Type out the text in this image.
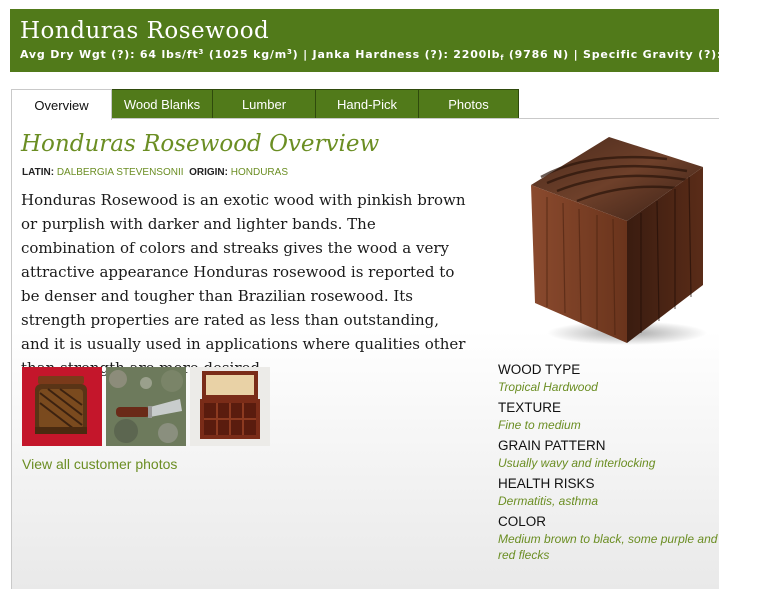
Honduras Rosewood
Avg Dry Wgt (?): 64 lbs/$ft^3$ (1025 $kg/m^3$) | Janka Hardness (?): $2200lb_f$ (9786 N) | Specific Gravity (?): 0.96
Overview	Wood Blanks	Lumber	Hand-Pick	Photos
Honduras Rosewood Overview
LATIN: DALBERGIA STEVENSONII ORIGIN: HONDURAS

Honduras Rosewood is an exotic wood with pinkish brown or purplish with darker and lighter bands. The combination of colors and streaks gives the wood a very attractive appearance Honduras rosewood is reported to be denser and tougher than Brazilian rosewood. Its strength properties are rated as less than outstanding, and it is usually used in applications where qualities other

View all customer photos
WOOD TYPE
Tropical Hardwood
TEXTURE
Fine to medium
GRAIN PATTERN
Usually wavy and interlocking
HEALTH RISKS
Dermatitis, asthma
COLOR
Medium brown to black, some purple and red flecks
